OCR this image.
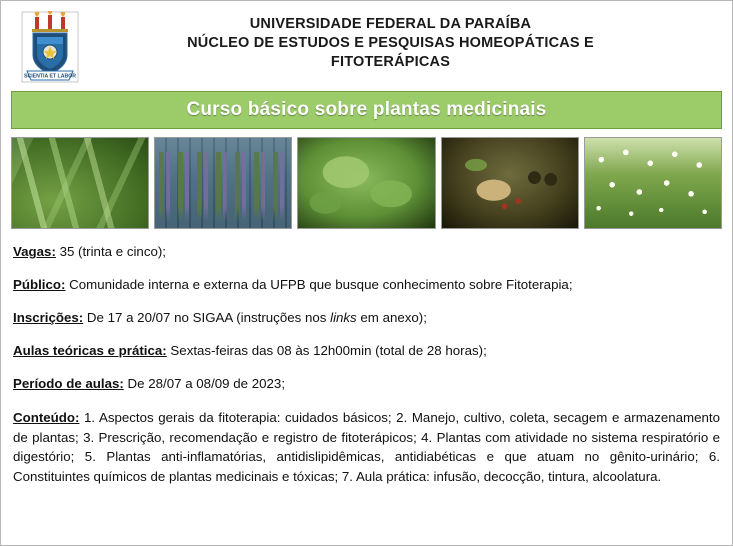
SCIENTIA ET LABOR
UNIVERSIDADE FEDERAL DA PARAÍBA
NÚCLEO DE ESTUDOS E PESQUISAS HOMEOPÁTICAS E
FITOTERÁPICAS
Curso básico sobre plantas medicinais
Vagas: 35 (trinta e cinco);
Público: Comunidade interna e externa da UFPB que busque conhecimento sobre Fitoterapia;
Inscrições: De 17 a 20/07 no SIGAA (instruções nos links em anexo);
Aulas teóricas e prática: Sextas-feiras das 08 às 12h00min (total de 28 horas);
Período de aulas: De 28/07 a 08/09 de 2023;
Conteúdo: 1. Aspectos gerais da fitoterapia: cuidados básicos; 2. Manejo, cultivo, coleta, secagem e armazenamento de plantas; 3. Prescrição, recomendação e registro de fitoterápicos; 4. Plantas com atividade no sistema respiratório e digestório; 5. Plantas anti-inflamatórias, antidislipidêmicas, antidiabéticas e que atuam no gênito-urinário; 6. Constituintes químicos de plantas medicinais e tóxicas; 7. Aula prática: infusão, decocção, tintura, alcoolatura.
